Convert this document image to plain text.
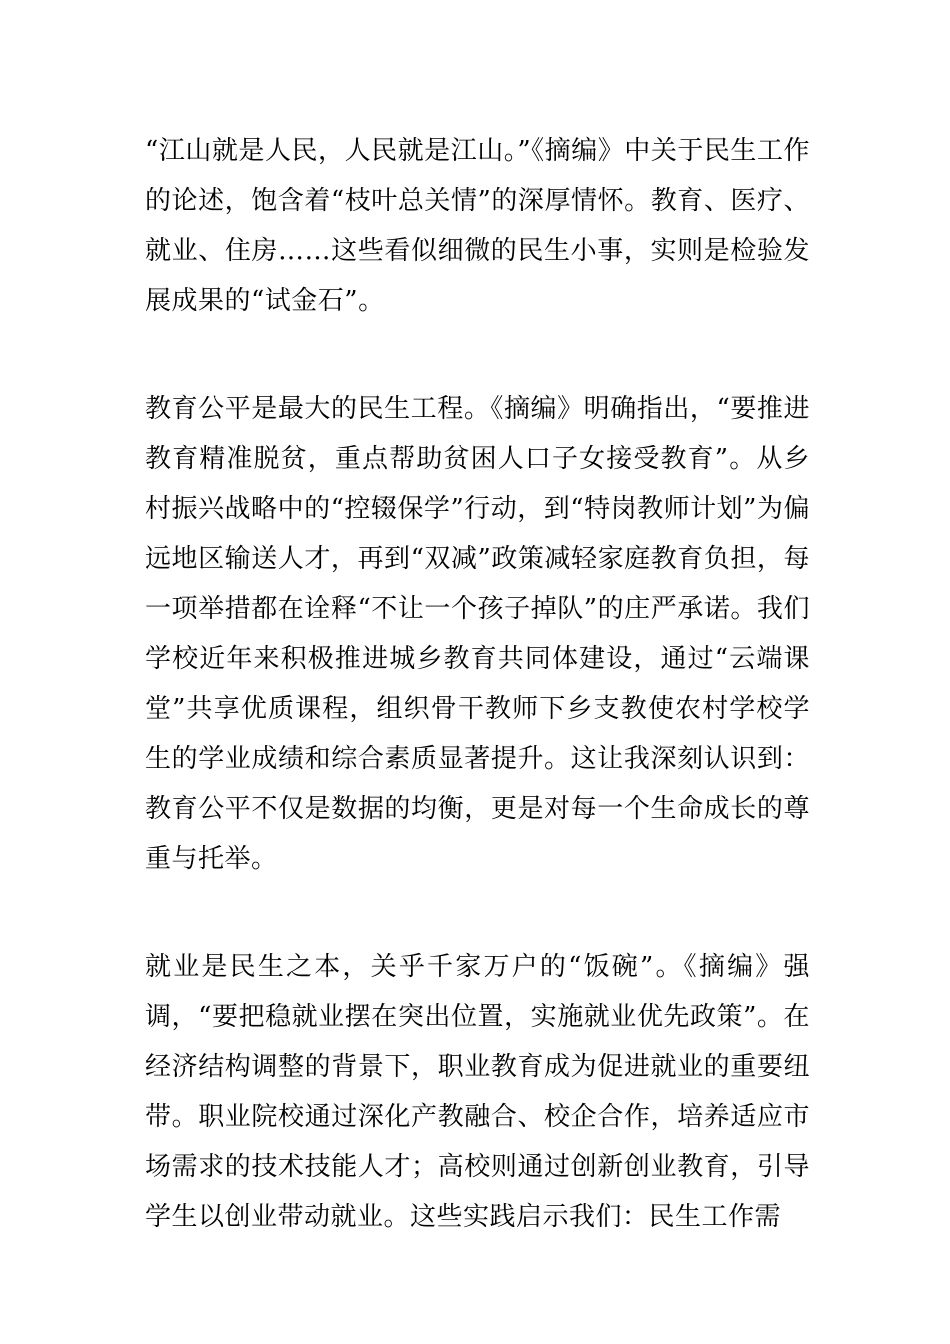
“江山就是人民，人民就是江山。”《摘编》中关于民生工作的论述，饱含着“枝叶总关情”的深厚情怀。教育、医疗、就业、住房……这些看似细微的民生小事，实则是检验发展成果的“试金石”。

教育公平是最大的民生工程。《摘编》明确指出，“要推进教育精准脱贫，重点帮助贫困人口子女接受教育”。从乡村振兴战略中的“控辍保学”行动，到“特岗教师计划”为偏远地区输送人才，再到“双减”政策减轻家庭教育负担，每一项举措都在诠释“不让一个孩子掉队”的庄严承诺。我们学校近年来积极推进城乡教育共同体建设，通过“云端课堂”共享优质课程，组织骨干教师下乡支教使农村学校学生的学业成绩和综合素质显著提升。这让我深刻认识到：教育公平不仅是数据的均衡，更是对每一个生命成长的尊重与托举。

就业是民生之本，关乎千家万户的“饭碗”。《摘编》强调，“要把稳就业摆在突出位置，实施就业优先政策”。在经济结构调整的背景下，职业教育成为促进就业的重要纽带。职业院校通过深化产教融合、校企合作，培养适应市场需求的技术技能人才；高校则通过创新创业教育，引导学生以创业带动就业。这些实践启示我们：民生工作需
